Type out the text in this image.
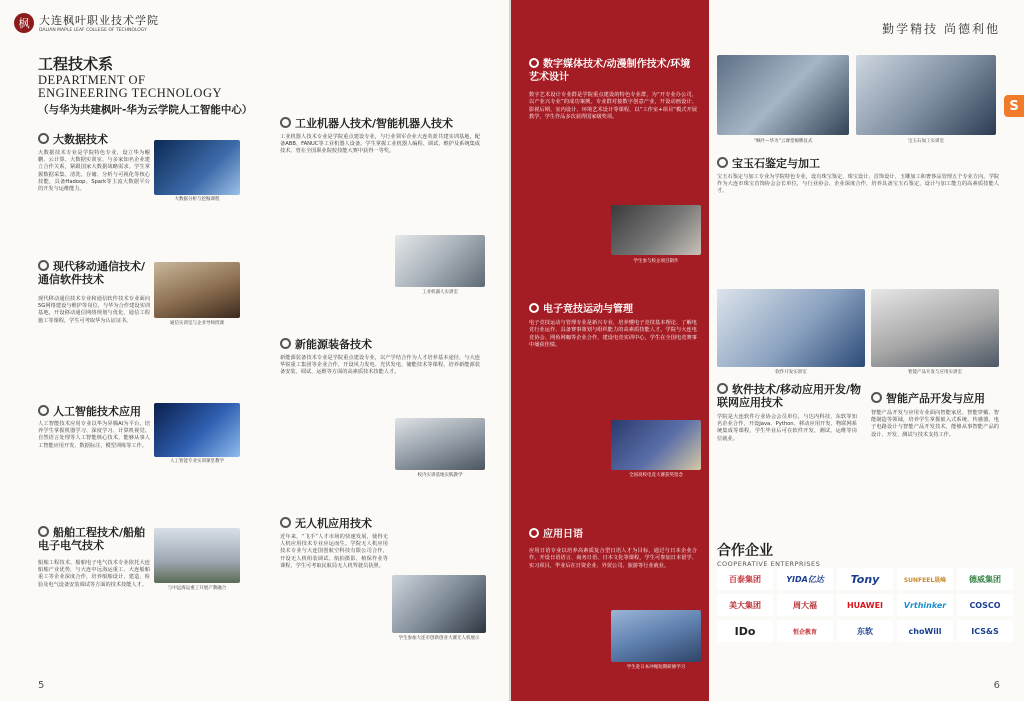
枫 大连枫叶职业技术学院
DALIAN MAPLE LEAF COLLEGE OF TECHNOLOGY
工程技术系
DEPARTMENT OF
ENGINEERING TECHNOLOGY
（与华为共建枫叶-华为云学院人工智能中心）
大数据技术
大数据技术专业是学院特色专业，设立华为鲲鹏、云计算、大数据实训室，与多家知名企业建立合作关系，紧跟国家大数据战略需求。学生掌握数据采集、清洗、存储、分析与可视化等核心技能，具备Hadoop、Spark等主流大数据平台的开发与运维能力。
大数据分析与挖掘课程
现代移动通信技术/通信软件技术
现代移动通信技术专业和通信软件技术专业面向5G网络建设与维护等岗位，与华为合作建设实训基地，开设移动通信网络规划与优化、通信工程施工等课程，学生可考取华为认证证书。	通信实训室与企业导师授课
人工智能技术应用
人工智能技术应用专业以华为昇腾AI为平台，培养学生掌握机器学习、深度学习、计算机视觉、自然语言处理等人工智能核心技术，能够从事人工智能应用开发、数据标注、模型训练等工作。
人工智能专业实训课堂教学
船舶工程技术/船舶电子电气技术
船舶工程技术、船舶电子电气技术专业依托大连船舶产业优势，与大连中远海运重工、大连船舶重工等企业深度合作，培养船舶设计、建造、检验及电气设备安装调试等方面的技术技能人才。
与中远海运重工开展产教融合
工业机器人技术/智能机器人技术
工业机器人技术专业是学院重点建设专业，与行业领军企业大连英蓝共建实训基地，配备ABB、FANUC等工业机器人设备。学生掌握工业机器人编程、调试、维护及系统集成技术，曾在全国职业院校技能大赛中获得一等奖。
工业机器人实训室
新能源装备技术
新能源装备技术专业是学院重点建设专业，以产学结合作为人才培养基本途径，与大连华锐重工集团等企业合作，开设风力发电、光伏发电、储能技术等课程，培养新能源装备安装、调试、运维等方面的高素质技术技能人才。
校内实训基地实践教学
无人机应用技术
近年来，“飞手”人才市场的快速发展，使得无人机应用技术专业应运而生。学院无人机应用技术专业与大连国创航空科技有限公司合作，开设无人机组装调试、航拍摄影、植保作业等课程，学生可考取民航局无人机驾驶员执照。
学生参加大连市创新创业大赛无人机展示
5
数字媒体技术/动漫制作技术/环境艺术设计
数字艺术设计专业群是学院重点建设的特色专业群，为“开专业办公司，以产业兴专业”的成功案例。专业群对接数字创意产业，开设动画设计、影视后期、室内设计、环境艺术设计等课程，以“工作室+项目”模式开展教学，学生作品多次获得国家级奖项。
学生参与校企项目制作
电子竞技运动与管理
电子竞技运动与管理专业是新兴专业，培养懂电子竞技基本理论、了解电竞行业运作、具备赛事策划与组织能力的高素质技能人才。学院与大连电竞协会、网鱼网咖等企业合作，建设电竞实训中心，学生在全国电竞赛事中屡获佳绩。
全国高校电竞大赛获奖留念
应用日语
应用日语专业以培养高素质复合型日语人才为目标，通过与日本企业合作，开设日语语言、商务日语、日本文化等课程，学生可参加日本留学、实习项目，毕业后在日资企业、外贸公司、旅游等行业就业。
学生赴日本冲绳短期研修学习
勤学精技 尚德利他
S
“枫叶—华为”云课堂揭牌仪式	宝玉石加工实训室
宝玉石鉴定与加工
宝玉石鉴定与加工专业为学院特色专业，设有珠宝鉴定、珠宝设计、首饰设计、玉雕加工和奢侈品管理五个专业方向。学院作为大连市珠宝首饰协会会长单位，与行业协会、企业深度合作，培养具备宝玉石鉴定、设计与加工能力的高素质技能人才。
软件开发实训室	智能产品开发与应用实训室
软件技术/移动应用开发/物联网应用技术
学院是大连软件行业协会会员单位，与达内科技、东软等知名企业合作，开设Java、Python、移动应用开发、物联网系统集成等课程，学生毕业后可在软件开发、测试、运维等岗位就业。
智能产品开发与应用
智能产品开发与应用专业面向智能家居、智能穿戴、智能制造等领域，培养学生掌握嵌入式系统、传感器、电子电路设计与智能产品开发技术，能够从事智能产品的设计、开发、测试与技术支持工作。
合作企业
COOPERATIVE ENTERPRISES
百泰集团	YIDA亿达	Tony	SUNFEEL晟峰	德威集团
美大集团	周大福	HUAWEI	Vrthinker	COSCO
IDo	恒企教育	东软	choWill	ICS&S
6
